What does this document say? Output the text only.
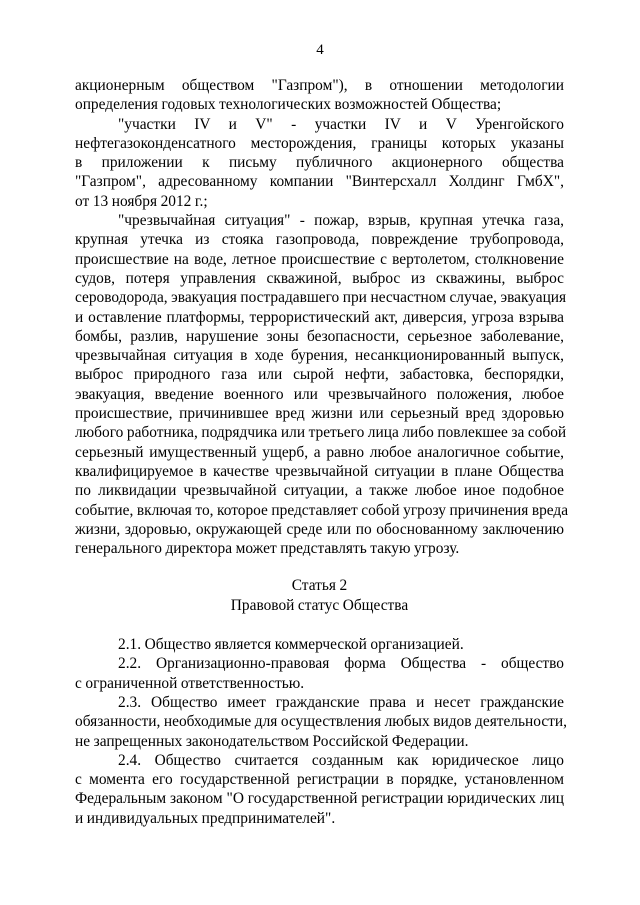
4
акционерным обществом "Газпром"), в отношении методологии
определения годовых технологических возможностей Общества;
"участки IV и V" - участки IV и V Уренгойского
нефтегазоконденсатного месторождения, границы которых указаны
в приложении к письму публичного акционерного общества
"Газпром", адресованному компании "Винтерсхалл Холдинг ГмбХ",
от 13 ноября 2012 г.;
"чрезвычайная ситуация" - пожар, взрыв, крупная утечка газа,
крупная утечка из стояка газопровода, повреждение трубопровода,
происшествие на воде, летное происшествие с вертолетом, столкновение
судов, потеря управления скважиной, выброс из скважины, выброс
сероводорода, эвакуация пострадавшего при несчастном случае, эвакуация
и оставление платформы, террористический акт, диверсия, угроза взрыва
бомбы, разлив, нарушение зоны безопасности, серьезное заболевание,
чрезвычайная ситуация в ходе бурения, несанкционированный выпуск,
выброс природного газа или сырой нефти, забастовка, беспорядки,
эвакуация, введение военного или чрезвычайного положения, любое
происшествие, причинившее вред жизни или серьезный вред здоровью
любого работника, подрядчика или третьего лица либо повлекшее за собой
серьезный имущественный ущерб, а равно любое аналогичное событие,
квалифицируемое в качестве чрезвычайной ситуации в плане Общества
по ликвидации чрезвычайной ситуации, а также любое иное подобное
событие, включая то, которое представляет собой угрозу причинения вреда
жизни, здоровью, окружающей среде или по обоснованному заключению
генерального директора может представлять такую угрозу.
Статья 2
Правовой статус Общества
2.1. Общество является коммерческой организацией.
2.2. Организационно-правовая форма Общества - общество
с ограниченной ответственностью.
2.3. Общество имеет гражданские права и несет гражданские
обязанности, необходимые для осуществления любых видов деятельности,
не запрещенных законодательством Российской Федерации.
2.4. Общество считается созданным как юридическое лицо
с момента его государственной регистрации в порядке, установленном
Федеральным законом "О государственной регистрации юридических лиц
и индивидуальных предпринимателей".
